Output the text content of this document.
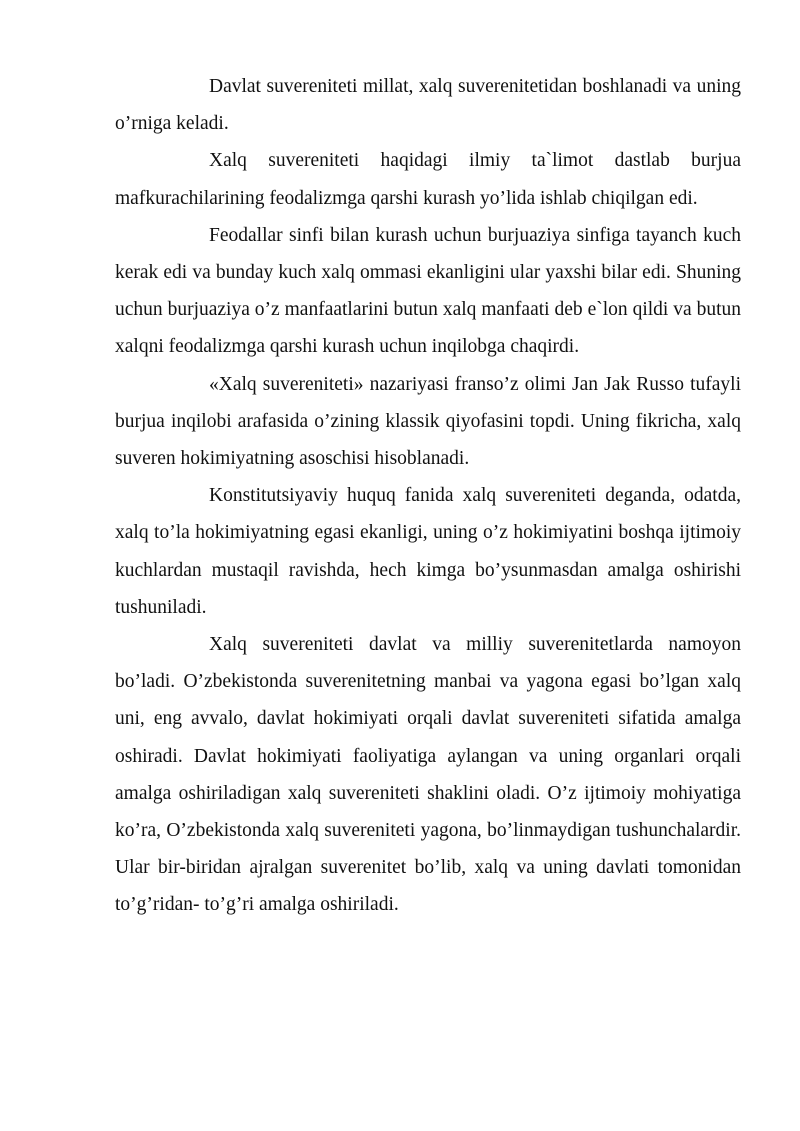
Davlat suvereniteti millat, xalq suverenitetidan boshlanadi va uning o’rniga keladi.

Xalq suvereniteti haqidagi ilmiy ta`limot dastlab burjua mafkurachilarining feodalizmga qarshi kurash yo’lida ishlab chiqilgan edi.

Feodallar sinfi bilan kurash uchun burjuaziya sinfiga tayanch kuch kerak edi va bunday kuch xalq ommasi ekanligini ular yaxshi bilar edi. Shuning uchun burjuaziya o’z manfaatlarini butun xalq manfaati deb e`lon qildi va butun xalqni feodalizmga qarshi kurash uchun inqilobga chaqirdi.

«Xalq suvereniteti» nazariyasi franso’z olimi Jan Jak Russo tufayli burjua inqilobi arafasida o’zining klassik qiyofasini topdi. Uning fikricha, xalq suveren hokimiyatning asoschisi hisoblanadi.

Konstitutsiyaviy huquq fanida xalq suvereniteti deganda, odatda, xalq to’la hokimiyatning egasi ekanligi, uning o’z hokimiyatini boshqa ijtimoiy kuchlardan mustaqil ravishda, hech kimga bo’ysunmasdan amalga oshirishi tushuniladi.

Xalq suvereniteti davlat va milliy suverenitetlarda namoyon bo’ladi. O’zbekistonda suverenitetning manbai va yagona egasi bo’lgan xalq uni, eng avvalo, davlat hokimiyati orqali davlat suvereniteti sifatida amalga oshiradi. Davlat hokimiyati faoliyatiga aylangan va uning organlari orqali amalga oshiriladigan xalq suvereniteti shaklini oladi. O’z ijtimoiy mohiyatiga ko’ra, O’zbekistonda xalq suvereniteti yagona, bo’linmaydigan tushunchalardir. Ular bir-biridan ajralgan suverenitet bo’lib, xalq va uning davlati tomonidan to’g’ridan- to’g’ri amalga oshiriladi.
